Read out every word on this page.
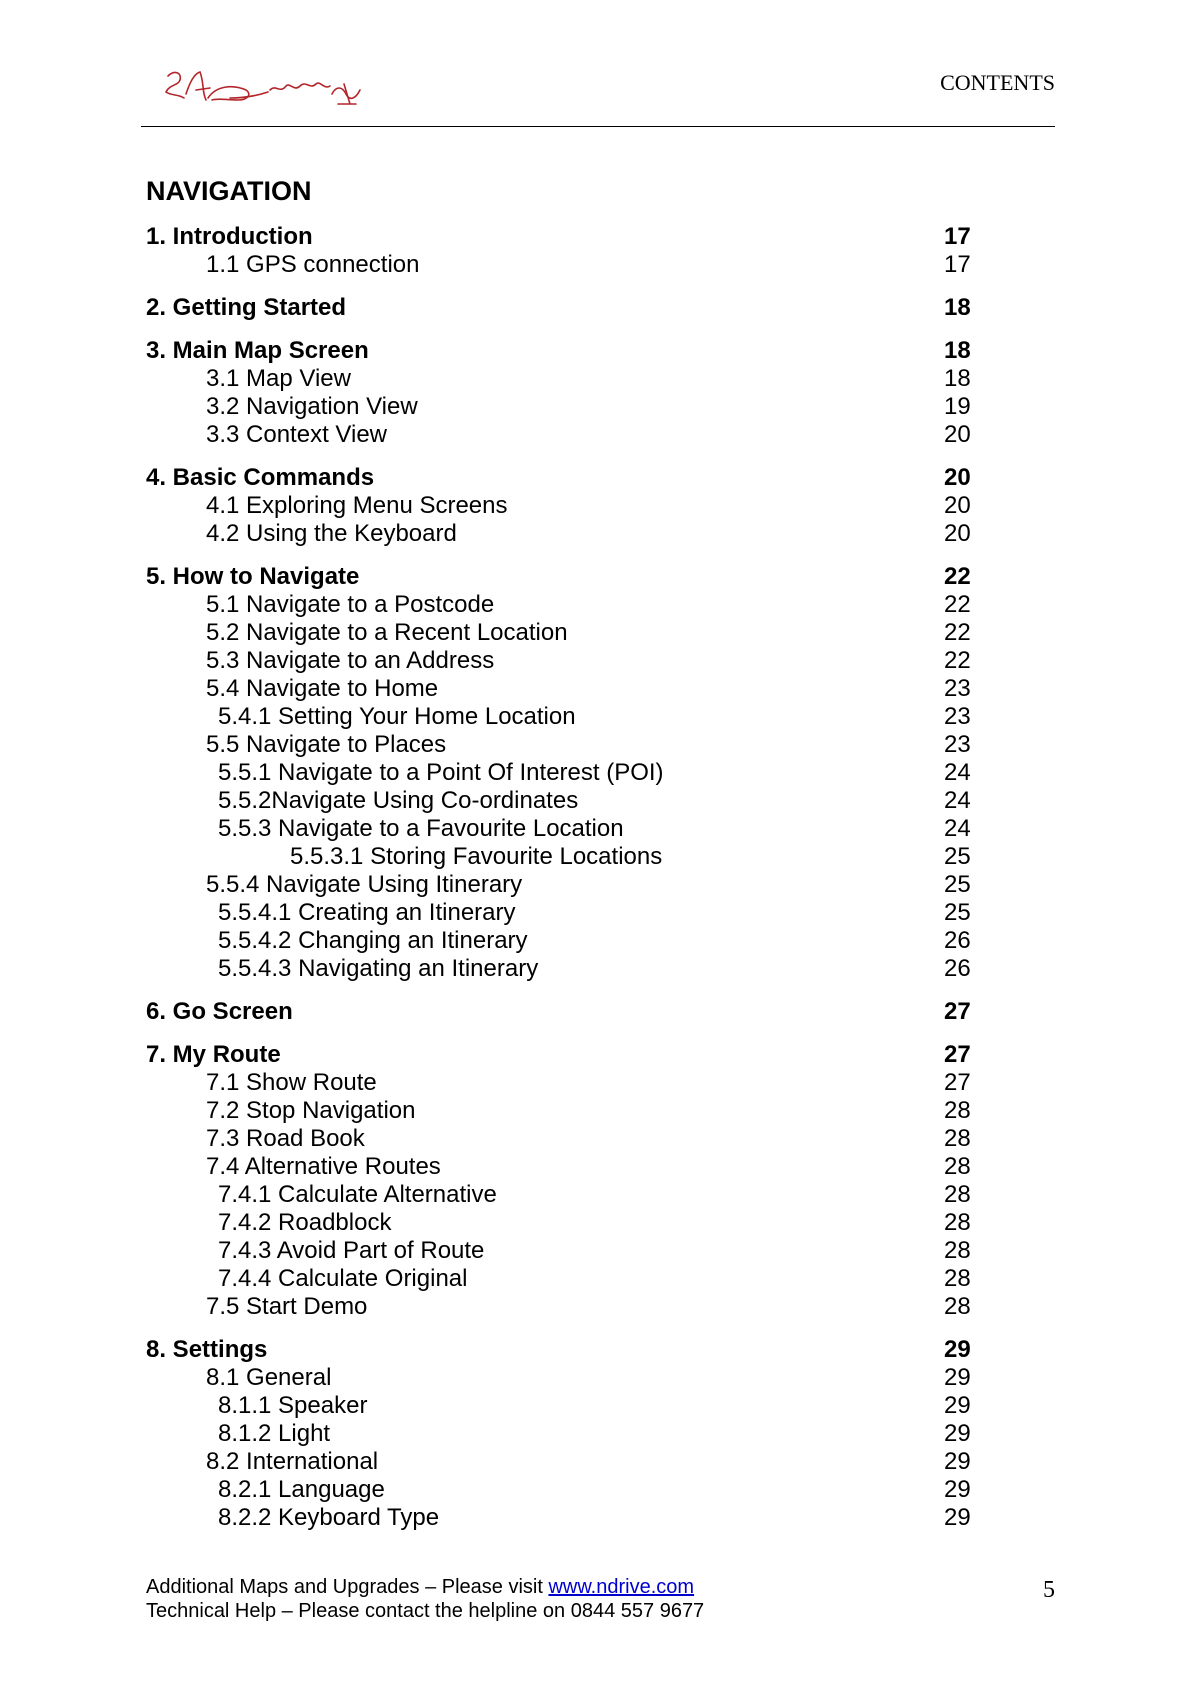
CONTENTS
NAVIGATION
1. Introduction	17
1.1 GPS connection	17
2. Getting Started	18
3. Main Map Screen	18
3.1 Map View	18
3.2 Navigation View	19
3.3 Context View	20
4. Basic Commands	20
4.1 Exploring Menu Screens	20
4.2 Using the Keyboard	20
5. How to Navigate	22
5.1 Navigate to a Postcode	22
5.2 Navigate to a Recent Location	22
5.3 Navigate to an Address	22
5.4 Navigate to Home	23
5.4.1 Setting Your Home Location	23
5.5 Navigate to Places	23
5.5.1 Navigate to a Point Of Interest (POI)	24
5.5.2Navigate Using Co-ordinates	24
5.5.3 Navigate to a Favourite Location	24
5.5.3.1 Storing Favourite Locations	25
5.5.4 Navigate Using Itinerary	25
5.5.4.1 Creating an Itinerary	25
5.5.4.2 Changing an Itinerary	26
5.5.4.3 Navigating an Itinerary	26
6. Go Screen	27
7. My Route	27
7.1 Show Route	27
7.2 Stop Navigation	28
7.3 Road Book	28
7.4 Alternative Routes	28
7.4.1 Calculate Alternative	28
7.4.2 Roadblock	28
7.4.3 Avoid Part of Route	28
7.4.4 Calculate Original	28
7.5 Start Demo	28
8. Settings	29
8.1 General	29
8.1.1 Speaker	29
8.1.2 Light	29
8.2 International	29
8.2.1 Language	29
8.2.2 Keyboard Type	29
Additional Maps and Upgrades – Please visit www.ndrive.com
Technical Help – Please contact the helpline on 0844 557 9677
5
